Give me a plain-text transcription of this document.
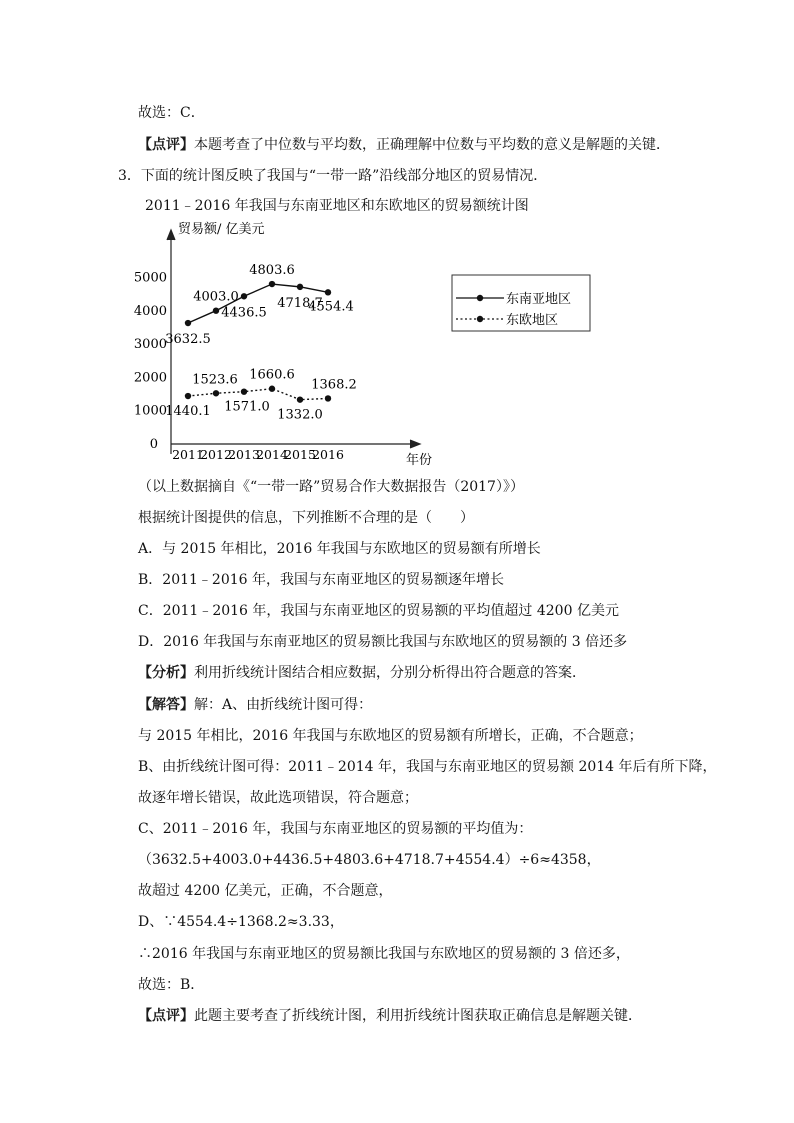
故选：C．
【点评】本题考查了中位数与平均数，正确理解中位数与平均数的意义是解题的关键．
3．下面的统计图反映了我国与“一带一路”沿线部分地区的贸易情况．
2011﹣2016 年我国与东南亚地区和东欧地区的贸易额统计图
贸易额/ 亿美元
年份
0
1000
2000
3000
4000
5000
2011
2012
2013
2014
2015
2016
3632.5
4003.0
4436.5
4803.6
4718.7
4554.4
1440.1
1523.6
1571.0
1660.6
1332.0
1368.2
东南亚地区
东欧地区
（以上数据摘自《“一带一路”贸易合作大数据报告（2017）》）
根据统计图提供的信息，下列推断不合理的是（　　）
A．与 2015 年相比，2016 年我国与东欧地区的贸易额有所增长
B．2011﹣2016 年，我国与东南亚地区的贸易额逐年增长
C．2011﹣2016 年，我国与东南亚地区的贸易额的平均值超过 4200 亿美元
D．2016 年我国与东南亚地区的贸易额比我国与东欧地区的贸易额的 3 倍还多
【分析】利用折线统计图结合相应数据，分别分析得出符合题意的答案．
【解答】解：A、由折线统计图可得：
与 2015 年相比，2016 年我国与东欧地区的贸易额有所增长，正确，不合题意；
B、由折线统计图可得：2011﹣2014 年，我国与东南亚地区的贸易额 2014 年后有所下降，
故逐年增长错误，故此选项错误，符合题意；
C、2011﹣2016 年，我国与东南亚地区的贸易额的平均值为：
（3632.5+4003.0+4436.5+4803.6+4718.7+4554.4）÷6≈4358，
故超过 4200 亿美元，正确，不合题意，
D、∵4554.4÷1368.2≈3.33，
∴2016 年我国与东南亚地区的贸易额比我国与东欧地区的贸易额的 3 倍还多，
故选：B．
【点评】此题主要考查了折线统计图，利用折线统计图获取正确信息是解题关键．
